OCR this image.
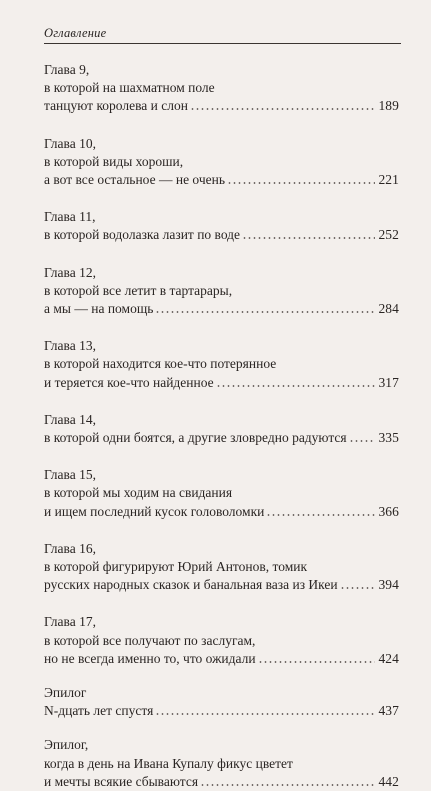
Оглавление
Глава 9,
в которой на шахматном поле
танцуют королева и слон	189
Глава 10,
в которой виды хороши,
а вот все остальное — не очень	221
Глава 11,
в которой водолазка лазит по воде	252
Глава 12,
в которой все летит в тартарары,
а мы — на помощь	284
Глава 13,
в которой находится кое-что потерянное
и теряется кое-что найденное	317
Глава 14,
в которой одни боятся, а другие зловредно радуются 335
Глава 15,
в которой мы ходим на свидания
и ищем последний кусок головоломки	366
Глава 16,
в которой фигурируют Юрий Антонов, томик
русских народных сказок и банальная ваза из Икеи	394
Глава 17,
в которой все получают по заслугам,
но не всегда именно то, что ожидали	424
Эпилог
N-дцать лет спустя	437
Эпилог,
когда в день на Ивана Купалу фикус цветет
и мечты всякие сбываются	442
